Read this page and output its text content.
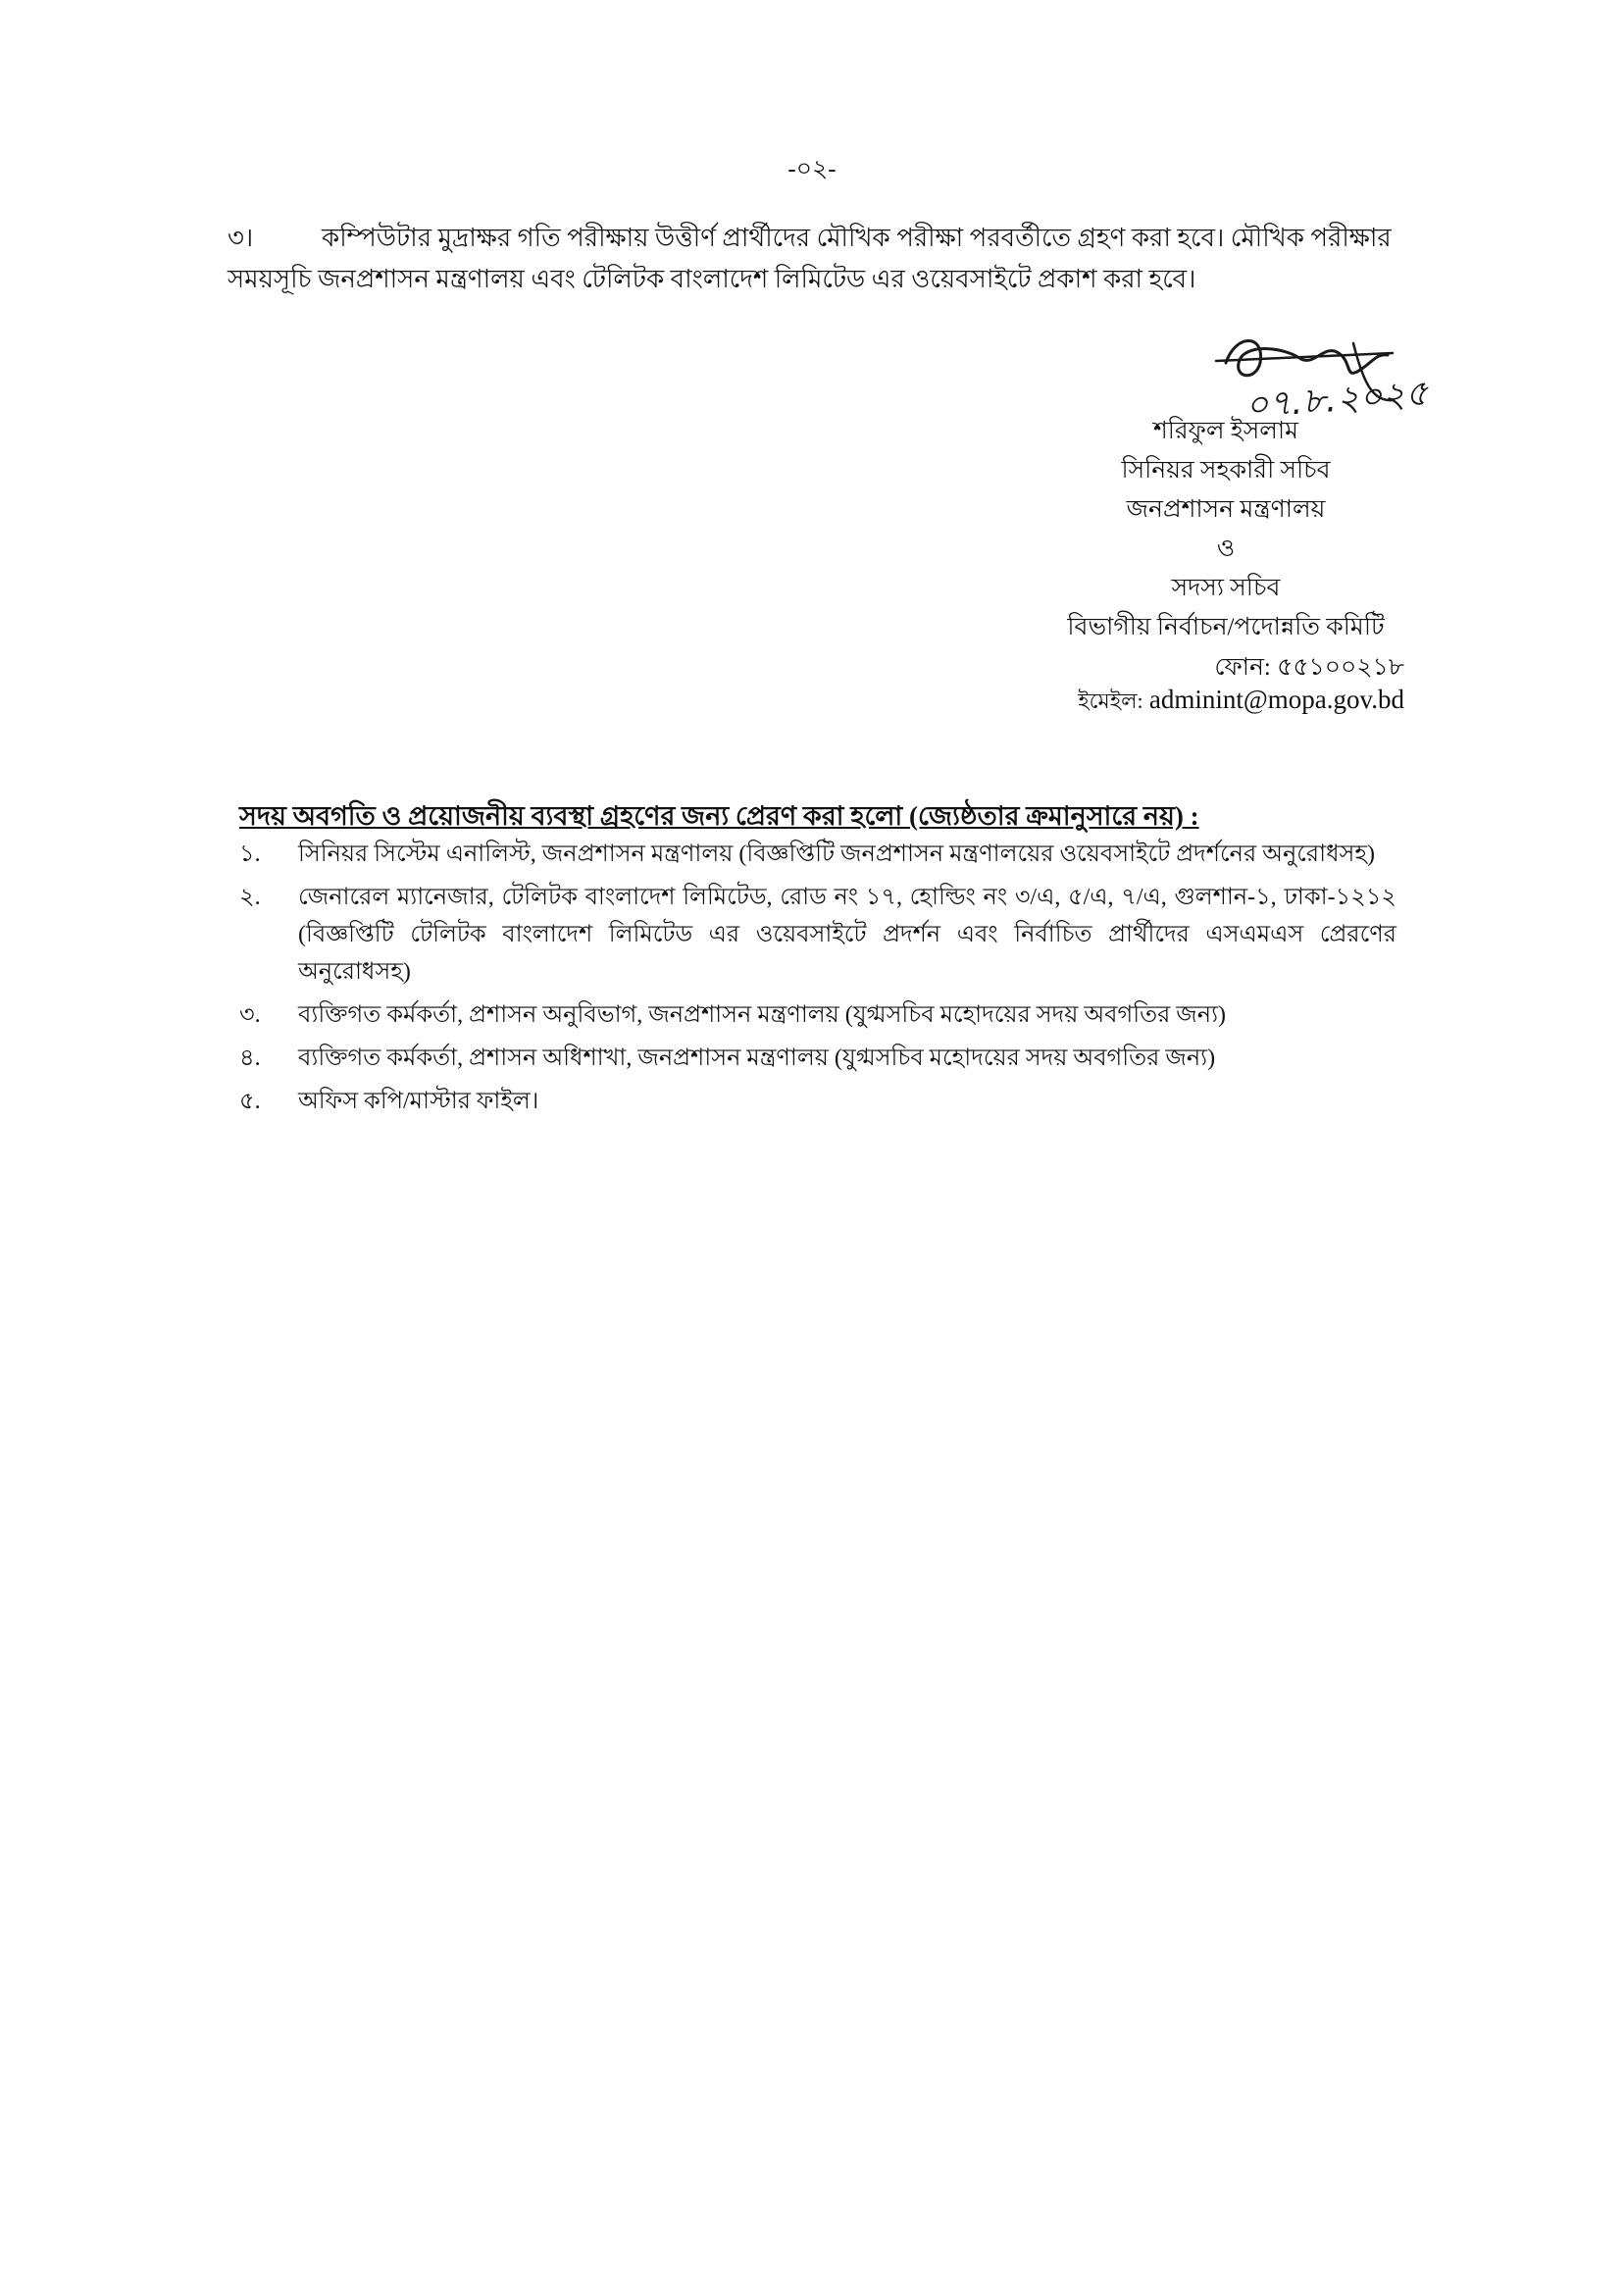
-০২-
৩।	কম্পিউটার মুদ্রাক্ষর গতি পরীক্ষায় উত্তীর্ণ প্রার্থীদের মৌখিক পরীক্ষা পরবর্তীতে গ্রহণ করা হবে। মৌখিক পরীক্ষার
সময়সূচি জনপ্রশাসন মন্ত্রণালয় এবং টেলিটক বাংলাদেশ লিমিটেড এর ওয়েবসাইটে প্রকাশ করা হবে।
০৭.৮.২০২৫
শরিফুল ইসলাম
সিনিয়র সহকারী সচিব
জনপ্রশাসন মন্ত্রণালয়
ও
সদস্য সচিব
বিভাগীয় নির্বাচন/পদোন্নতি কমিটি
ফোন: ৫৫১০০২১৮
ইমেইল: adminint@mopa.gov.bd
সদয় অবগতি ও প্রয়োজনীয় ব্যবস্থা গ্রহণের জন্য প্রেরণ করা হলো (জ্যেষ্ঠতার ক্রমানুসারে নয়) :
১. সিনিয়র সিস্টেম এনালিস্ট, জনপ্রশাসন মন্ত্রণালয় (বিজ্ঞপ্তিটি জনপ্রশাসন মন্ত্রণালয়ের ওয়েবসাইটে প্রদর্শনের অনুরোধসহ)
২. জেনারেল ম্যানেজার, টেলিটক বাংলাদেশ লিমিটেড, রোড নং ১৭, হোল্ডিং নং ৩/এ, ৫/এ, ৭/এ, গুলশান-১, ঢাকা-১২১২ (বিজ্ঞপ্তিটি টেলিটক বাংলাদেশ লিমিটেড এর ওয়েবসাইটে প্রদর্শন এবং নির্বাচিত প্রার্থীদের এসএমএস প্রেরণের অনুরোধসহ)
৩. ব্যক্তিগত কর্মকর্তা, প্রশাসন অনুবিভাগ, জনপ্রশাসন মন্ত্রণালয় (যুগ্মসচিব মহোদয়ের সদয় অবগতির জন্য)
৪. ব্যক্তিগত কর্মকর্তা, প্রশাসন অধিশাখা, জনপ্রশাসন মন্ত্রণালয় (যুগ্মসচিব মহোদয়ের সদয় অবগতির জন্য)
৫. অফিস কপি/মাস্টার ফাইল।
